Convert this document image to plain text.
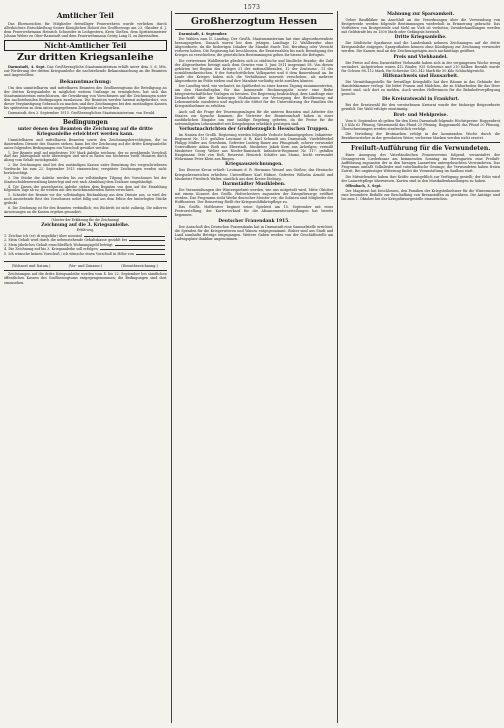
1573
Amtlicher Teil
Das Ehrenzeichen für Mitglieder freiwilliger Feuerwehren wurde verliehen durch Allerhöchste Entschließung Seiner Königlichen Hoheit des Großherzogs am 23. Oktober d. J. dem Feuerwehrmann Heinrich Schneider in Leihgestern, Kreis Gießen, dem Spritzenmeister Johann Weber zu Ober-Ramstadt und dem Feuerwehrmann Georg Lang II. zu Bierstadten.
Nicht-Amtlicher Teil
Zur dritten Kriegsanleihe
Darmstadt, 4. Sept. Das Großherzogliche Staatsministerium erläßt unter dem 3. d. Mts. zur Förderung der dritten Kriegsanleihe die nachstehende Bekanntmachung an die Beamten und Angestellten:
Bekanntmachung:
Um den unmittelbaren und mittelbaren Beamten des Großherzogtums die Beteiligung an der dritten Kriegsanleihe in möglichst weitem Umfange zu ermöglichen, hat sich das Staatsministerium entschlossen, die Gewährung von Vorschüssen auf die Zeichnungen unter den nachstehenden Bedingungen zuzulassen. Die Beamten werden hiermit aufgefordert, von dieser Vergünstigung Gebrauch zu machen und ihre Zeichnungen bei den zuständigen Kassen bis spätestens zu dem unten angegebenen Zeitpunkte zu bewirken.
Darmstadt, den 3. September 1915. Großherzogliches Staatsministerium. von Ewald.
Bedingungen
unter denen den Beamten die Zeichnung auf die dritte Kriegsanleihe erleichtert werden kann.
Unmittelbaren und mittelbaren Beamten sowie den Zeichnungsberechtigten, die in dauerndem Dienste des Staates stehen, kann bei der Zeichnung auf die dritte Kriegsanleihe unter folgenden Bedingungen ein Vorschuß gewährt werden:
1. Der Beamte muß auf mindestens 100 Mark Anleihe zeichnen; der zu gewährende Vorschuß darf das Jahresgehalt nicht übersteigen und wird in Raten von höchstens zwölf Monaten durch Abzug vom Gehalt zurückgezahlt.
2. Die Zeichnungen sind bei den zuständigen Kassen unter Benutzung des vorgeschriebenen Vordrucks bis zum 22. September 1915 einzureichen; verspätete Zeichnungen werden nicht berücksichtigt.
3. Die Stücke der Anleihe werden bis zur vollständigen Tilgung des Vorschusses bei der Staatsschuldenverwaltung hinterlegt und erst nach Abzahlung dem Zeichner ausgehändigt.
4. Die Zinsen der gezeichneten Anleihe stehen dem Beamten von dem auf die Einzahlung folgenden Tage ab zu; sie werden mit den zurückzuzahlenden Raten verrechnet.
5. Scheidet der Beamte vor der vollständigen Rückzahlung aus dem Dienste aus, so wird der noch ausstehende Rest des Vorschusses sofort fällig und aus dem Erlöse der hinterlegten Stücke gedeckt.
6. Die Zeichnung ist für den Beamten verbindlich; ein Rücktritt ist nicht zulässig. Die näheren Anweisungen an die Kassen ergehen gesondert.
(Muster der Erklärung für die Zeichnung)
Zeichnung auf die 3. Kriegsanleihe.
Erklärung.
1. Zeichne ich (er) di ungefähr) über nominal
2. Mein Gehalt wird durch die nebenstehende Gehaltskasse gezahlt bei
3. Mein jährliches Gehalt einschließlich Wohnungsgeld beträgt
4. Die Zeichnung auf bis 3. Kriegsanleihe soll erfolgen
5. Ich wünsche keinen Vorschuß / ich wünsche einen Vorschuß in Höhe von
(Wohnort und Datum.)	(Vor- und Zuname.)	(Dienstbezeichnung.)
Zeichnungen auf die dritte Kriegsanleihe werden vom 4. bis 22. September bei sämtlichen öffentlichen Kassen des Großherzogtums entgegengenommen; die Bedingungen sind dort einzusehen.
Großherzogtum Hessen
Darmstadt, 4. September.
Die Wahlen zum II. Landtag. Der Großh. Staatsministerium hat eine Abgeordnetenliste herausgegeben. Danach waren bei dem jetzigen Landtage 12 Wahlbezirke ohne Abgeordnete, da die bisherigen Inhaber ihr Mandat durch Tod, Berufung oder Verzicht verloren haben. Die Regierung hat beschlossen, die Ersatzwahlen bis nach Beendigung des Krieges zu verschieben; die gesetzlichen Bestimmungen geben ihr hierzu die Befugnis.
Die vertretenen Wahlbezirke gliedern sich in städtische und ländliche Bezirke; die Zahl der Abgeordneten beträgt nach dem Gesetze vom 3. Juni 1911 insgesamt 58. Von diesen gehörten bei Beginn des Krieges 21 der nationalliberalen, 12 der Zentrums-, 11 der sozialdemokratischen, 8 der fortschrittlichen Volkspartei und 6 dem Bauernbund an. Im Laufe des Krieges haben sich die Verhältnisse insoweit verschoben, als mehrere Abgeordnete im Felde stehen und ihre Mandate vorläufig nicht ausüben können.
Der Landtag wird, wie verlautet, im Spätherbst zu einer kurzen Tagung zusammentreten, um den Haushaltsplan für das kommende Rechnungsjahr sowie eine Reihe kriegswirtschaftlicher Vorlagen zu beraten. Die Regierung beabsichtigt, dem Landtage eine Denkschrift über die bisherigen Maßnahmen zur Versorgung der Bevölkerung mit Lebensmitteln zuzuleiten und zugleich die Mittel für die Unterstützung der Familien der Kriegsteilnehmer zu erhöhen.
Auch soll die Frage der Teuerungszulagen für die unteren Beamten und Arbeiter des Staates zur Sprache kommen; die Vertreter der Beamtenschaft haben in einer ausführlichen Eingabe um eine baldige Regelung gebeten, da die Preise für die notwendigsten Lebensmittel seit Kriegsbeginn erheblich gestiegen sind.
Verlustnachrichten der Großherzoglich Hessischen Truppen.
Im Namen der Großh. Regierung werden folgende Verluste bekanntgegeben: Infanterie-Regiment Nr. 115: gefallen Leutnant d. R. Karl Schmidt aus Darmstadt, Vizefeldwebel Philipp Müller aus Griesheim, Gefreiter Ludwig Bauer aus Pfungstadt; schwer verwundet Unteroffizier Adam Roth aus Eberstadt, Musketier Jakob Kern aus Arheilgen; vermißt Musketier Georg Weber aus Nieder-Ramstadt. Infanterie-Regiment Nr. 117: gefallen Hauptmann Otto von Heß, Reservist Heinrich Schäfer aus Mainz, leicht verwundet Wehrmann Peter Klein aus Bingen.
Kriegsauszeichnungen.
Das Eiserne Kreuz erhielt: Leutnant d. R. Hermann Wenzel aus Gießen; das Hessische Kriegsehrenzeichen erhielten: Unteroffizier Karl Hüfner, Gefreiter Wilhelm Arnold und Musketier Friedrich Walter, sämtlich aus dem Kreise Dieburg.
Darmstädter Musikleben.
Die Veranstaltungen der Winterspielzeit werden, wie uns mitgeteilt wird, Mitte Oktober mit einem Konzert des Großh. Hoforchesters zugunsten der Kriegsfürsorge eröffnet werden. Das Programm sieht Werke deutscher Meister vor; die Solisten sind Mitglieder des Hoftheaters. Der Reinertrag fließt der Kriegswohlfahrtspflege zu.
Das Großh. Hoftheater beginnt seine Spielzeit am 15. September mit einer Festvorstellung; der Kartenverkauf für die Abonnementsvorstellungen hat bereits begonnen.
Deutscher Frauendank 1915.
Der Ausschuß des Deutschen Frauendanks hat in Darmstadt eine Sammelstelle errichtet, die Spenden für die Kriegerwitwen und Waisen entgegennimmt. Bisher sind aus Stadt und Land namhafte Beträge eingegangen. Weitere Gaben werden von der Geschäftsstelle am Ludwigsplatz dankbar angenommen.
Mahnung zur Sparsamkeit.
Ueber Baufbläker im Anschluß an die Verordnungen über die Verwendung von Brotgetreide werden folgende Bestimmungen wiederholt in Erinnerung gebracht: Das Verfüttern von Brotgetreide und Mehl an Vieh ist verboten; Zuwiderhandlungen werden mit Geldstrafe bis zu 1500 Mark oder Gefängnis bestraft.
Dritte Kriegsanleihe.
Die Städtische Sparkasse und die Landesbank nehmen Zeichnungen auf die dritte Kriegsanleihe entgegen; Sparguthaben können ohne Kündigung zur Zeichnung verwendet werden. Die Kassen sind an den Zeichnungstagen auch nachmittags geöffnet.
Preis und Viehhandel.
Die Preise auf dem Darmstädter Viehmarkt haben sich in der vergangenen Woche wenig verändert. Aufgetrieben waren 412 Rinder, 935 Schweine und 210 Kälber. Bezahlt wurde für Ochsen 98–112 Mark, für Schweine 130–142 Mark für 50 Kilo Schlachtgewicht.
Hilfsnachweis und Hausarbeit.
Die Vermittlungsstelle für freiwillige Kriegshilfe hat ihre Räume in das Gebäude der Handelskammer verlegt. Sie bittet Frauen und Mädchen, die zu Näharbeiten für das Heer bereit sind, sich dort zu melden. Auch werden Helferinnen für die Bahnhofsverpflegung gesucht.
Die Kreisratswahl in Frankfurt.
Bei der Ersatzwahl für den verstorbenen Kreisrat wurde der bisherige Beigeordnete gewählt. Die Wahl erfolgte einstimmig.
Brot- und Mehlpreise.
Vom 6. September ab gelten für den Kreis Darmstadt folgende Höchstpreise: Roggenbrot 1,5 Kilo 62 Pfennig, Weizenmehl das Pfund 25 Pfennig, Roggenmehl das Pfund 20 Pfennig. Überschreitungen werden strafrechtlich verfolgt.
Die Verteilung der Brotmarken erfolgt in der kommenden Woche durch die Bezirksvorsteher in der gewohnten Weise; verlorene Marken werden nicht ersetzt.
Freiluft-Aufführung für die Verwundeten.
Einer Anregung des Vaterländischen Frauenvereins folgend, veranstaltet der Gesangverein Liederkranz am kommenden Sonntag im Herrngarten eine Freiluft-Aufführung zugunsten der in den hiesigen Lazaretten untergebrachten Verwundeten. Das Programm umfaßt Volkslieder und vaterländische Gesänge; die Verwundeten haben freien Zutritt. Bei ungünstiger Witterung findet die Veranstaltung im Saalbau statt.
Die Mitwirkenden haben ihre Kräfte unentgeltlich zur Verfügung gestellt; der Erlös wird der Lazarettpflege überwiesen. Karten sind in den Musikalienhandlungen zu haben.
Offenbach, 3. Sept.
Der Magistrat hat beschlossen, den Familien der Kriegsteilnehmer für die Wintermonate eine besondere Beihilfe zur Beschaffung von Brennstoffen zu gewähren. Die Anträge sind bis zum 1. Oktober bei der Kriegsfürsorgestelle einzureichen.
